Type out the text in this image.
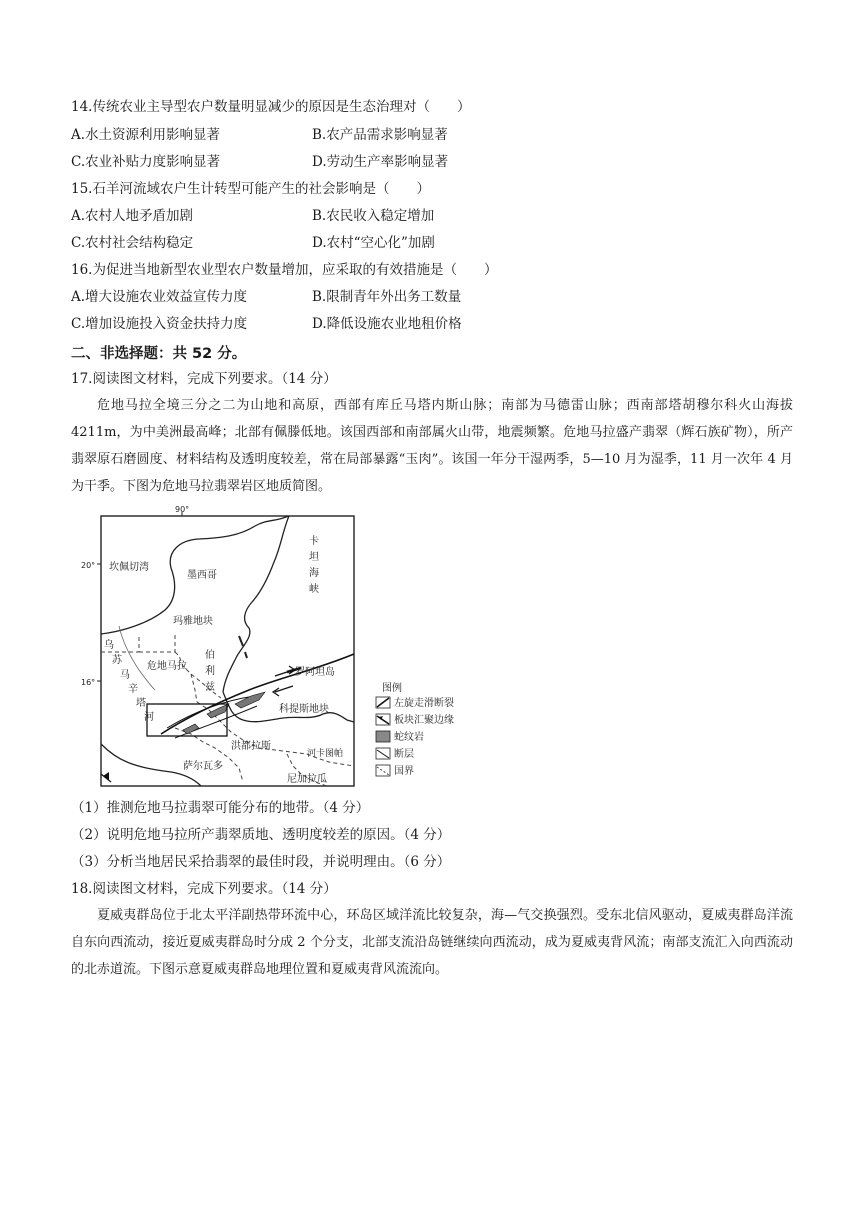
14.传统农业主导型农户数量明显减少的原因是生态治理对（　　）
A.水土资源利用影响显著	B.农产品需求影响显著
C.农业补贴力度影响显著	D.劳动生产率影响显著
15.石羊河流域农户生计转型可能产生的社会影响是（　　）
A.农村人地矛盾加剧	B.农民收入稳定增加
C.农村社会结构稳定	D.农村“空心化”加剧
16.为促进当地新型农业型农户数量增加，应采取的有效措施是（　　）
A.增大设施农业效益宣传力度	B.限制青年外出务工数量
C.增加设施投入资金扶持力度	D.降低设施农业地租价格
二、非选择题：共 52 分。
17.阅读图文材料，完成下列要求。（14 分）
危地马拉全境三分之二为山地和高原，西部有库丘马塔内斯山脉；南部为马德雷山脉；西南部塔胡穆尔科火山海拔 4211m，为中美洲最高峰；北部有佩滕低地。该国西部和南部属火山带，地震频繁。危地马拉盛产翡翠（辉石族矿物），所产翡翠原石磨圆度、材料结构及透明度较差，常在局部暴露“玉肉”。该国一年分干湿两季，5—10 月为湿季，11 月一次年 4 月为干季。下图为危地马拉翡翠岩区地质简图。
90°
20°
16°
卡
坦
海
峡
坎佩切湾
墨西哥
玛雅地块
危地马拉
伯
利
兹
乌
苏
马
辛
塔
河
罗阿坦岛
科提斯地块
洪都拉斯
萨尔瓦多
尼加拉瓜
河卡图帕
图例
左旋走滑断裂
板块汇聚边缘
蛇纹岩
断层
国界
（1）推测危地马拉翡翠可能分布的地带。（4 分）
（2）说明危地马拉所产翡翠质地、透明度较差的原因。（4 分）
（3）分析当地居民采拾翡翠的最佳时段，并说明理由。（6 分）
18.阅读图文材料，完成下列要求。（14 分）
夏威夷群岛位于北太平洋副热带环流中心，环岛区域洋流比较复杂，海—气交换强烈。受东北信风驱动，夏威夷群岛洋流自东向西流动，接近夏威夷群岛时分成 2 个分支，北部支流沿岛链继续向西流动，成为夏威夷背风流；南部支流汇入向西流动的北赤道流。下图示意夏威夷群岛地理位置和夏威夷背风流流向。
